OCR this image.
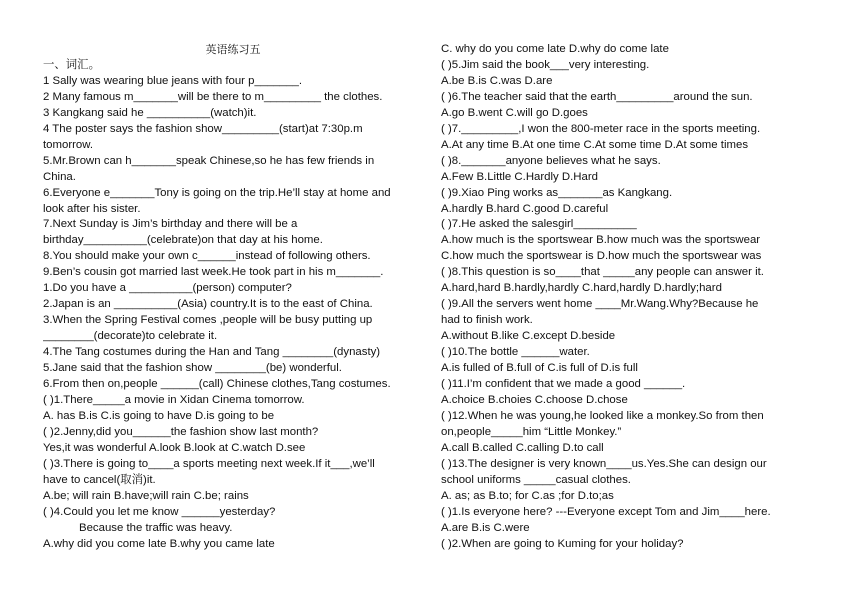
英语练习五
一、词汇。
1 Sally was wearing blue jeans with four p_______.
2 Many famous m_______will be there to m_________ the clothes.
3 Kangkang said he __________(watch)it.
4 The poster says the fashion show_________(start)at 7:30p.m
tomorrow.
5.Mr.Brown can h_______speak Chinese,so he has few friends in
China.
6.Everyone e_______Tony is going on the trip.He’ll stay at home and
look after his sister.
7.Next Sunday is Jim’s birthday and there will be a
birthday__________(celebrate)on that day at his home.
8.You should make your own c______instead of following others.
9.Ben’s cousin got married last week.He took part in his m_______.
1.Do you have a __________(person) computer?
2.Japan is an __________(Asia) country.It is to the east of China.
3.When the Spring Festival comes ,people will be busy putting up
________(decorate)to celebrate it.
4.The Tang costumes during the Han and Tang ________(dynasty)
5.Jane said that the fashion show ________(be) wonderful.
6.From then on,people ______(call) Chinese clothes,Tang costumes.
( )1.There_____a movie in Xidan Cinema tomorrow.
A. has B.is C.is going to have D.is going to be
( )2.Jenny,did you______the fashion show last month?
Yes,it was wonderful A.look B.look at C.watch D.see
( )3.There is going to____a sports meeting next week.If it___,we’ll
have to cancel(取消)it.
A.be; will rain B.have;will rain C.be; rains
( )4.Could you let me know ______yesterday?
Because the traffic was heavy.
A.why did you come late B.why you came late
C. why do you come late D.why do come late
( )5.Jim said the book___very interesting.
A.be B.is C.was D.are
( )6.The teacher said that the earth_________around the sun.
A.go B.went C.will go D.goes
( )7._________,I won the 800-meter race in the sports meeting.
A.At any time B.At one time C.At some time D.At some times
( )8._______anyone believes what he says.
A.Few B.Little C.Hardly D.Hard
( )9.Xiao Ping works as_______as Kangkang.
A.hardly B.hard C.good D.careful
( )7.He asked the salesgirl__________
A.how much is the sportswear B.how much was the sportswear
C.how much the sportswear is D.how much the sportswear was
( )8.This question is so____that _____any people can answer it.
A.hard,hard B.hardly,hardly C.hard,hardly D.hardly;hard
( )9.All the servers went home ____Mr.Wang.Why?Because he
had to finish work.
A.without B.like C.except D.beside
( )10.The bottle ______water.
A.is fulled of B.full of C.is full of D.is full
( )11.I’m confident that we made a good ______.
A.choice B.choies C.choose D.chose
( )12.When he was young,he looked like a monkey.So from then
on,people_____him “Little Monkey.”
A.call B.called C.calling D.to call
( )13.The designer is very known____us.Yes.She can design our
school uniforms _____casual clothes.
A. as; as B.to; for C.as ;for D.to;as
( )1.Is everyone here? ---Everyone except Tom and Jim____here.
A.are B.is C.were
( )2.When are going to Kuming for your holiday?
